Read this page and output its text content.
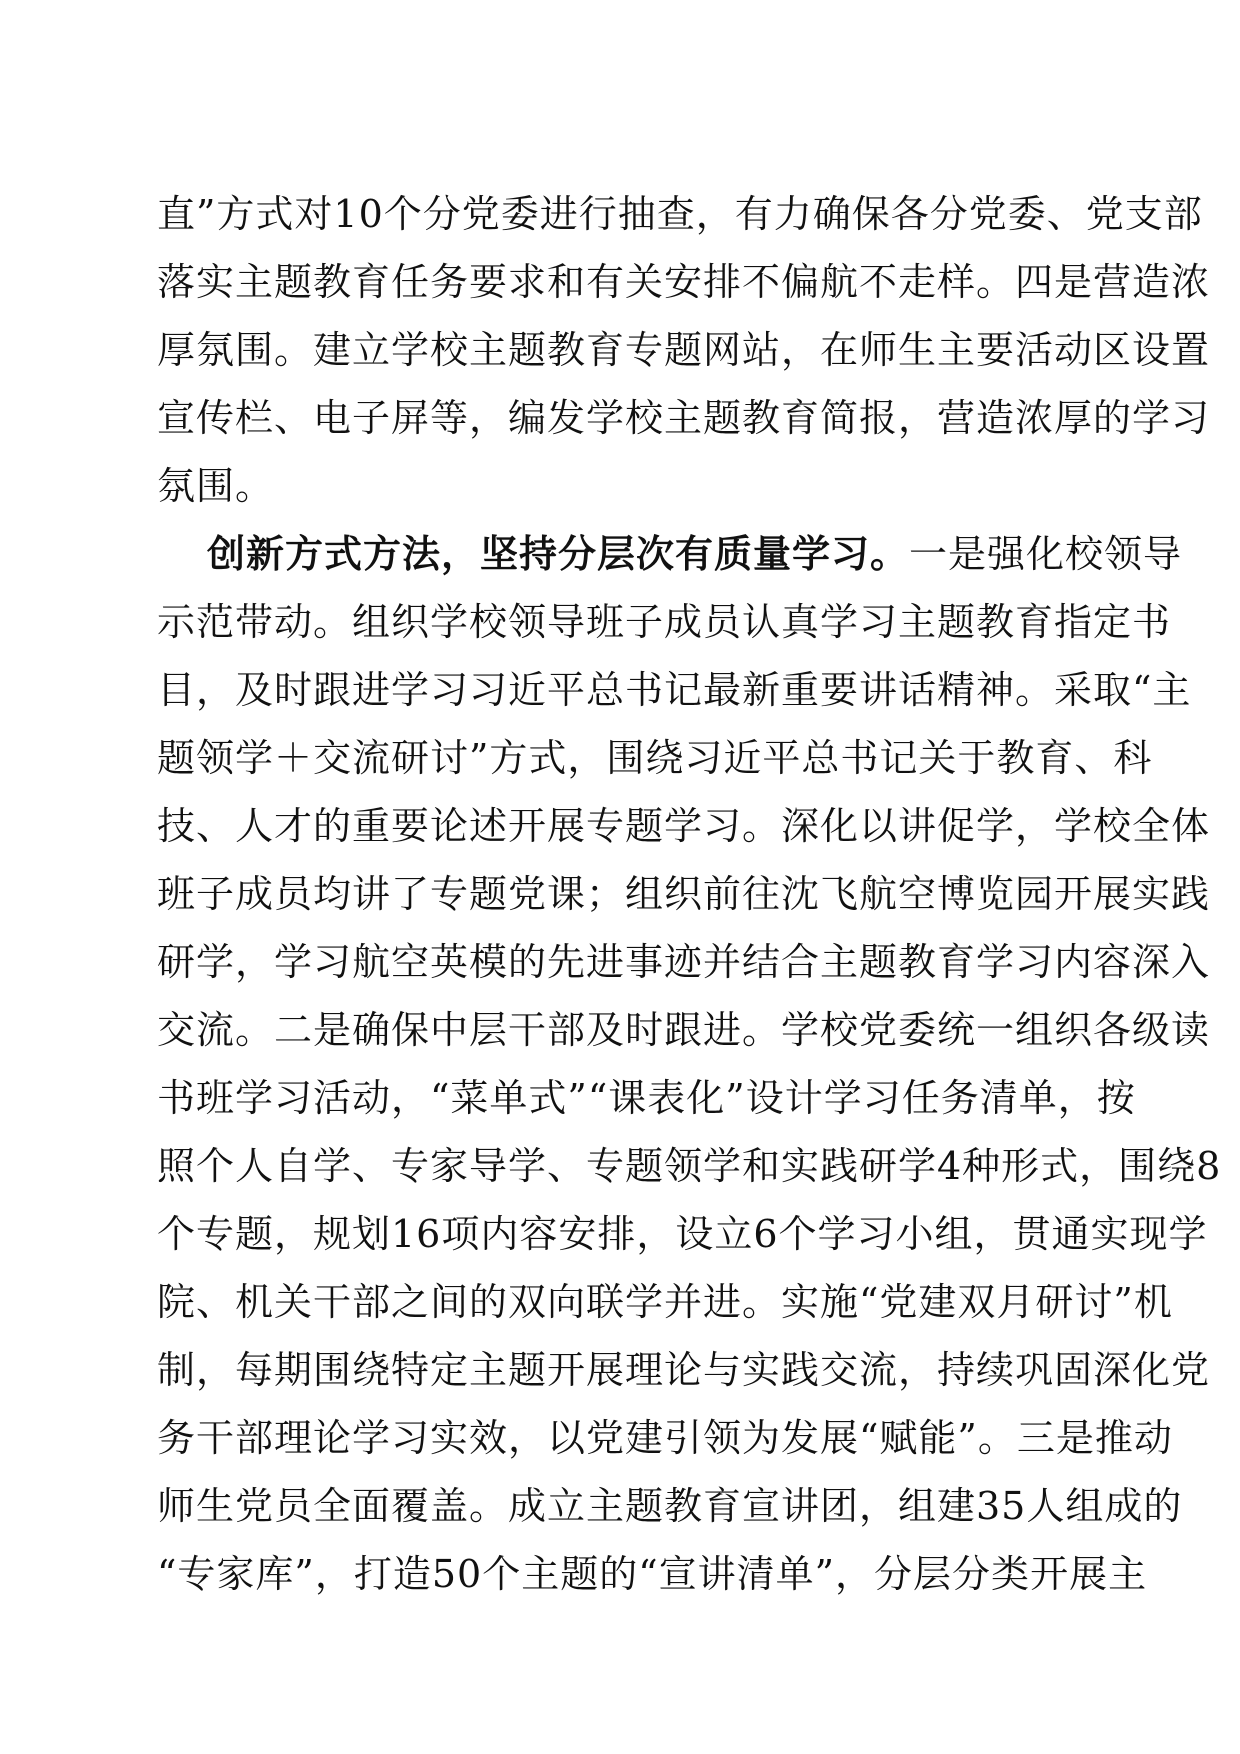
直”方式对10个分党委进行抽查，有力确保各分党委、党支部
落实主题教育任务要求和有关安排不偏航不走样。四是营造浓
厚氛围。建立学校主题教育专题网站，在师生主要活动区设置
宣传栏、电子屏等，编发学校主题教育简报，营造浓厚的学习
氛围。
创新方式方法，坚持分层次有质量学习。一是强化校领导
示范带动。组织学校领导班子成员认真学习主题教育指定书
目，及时跟进学习习近平总书记最新重要讲话精神。采取“主
题领学＋交流研讨”方式，围绕习近平总书记关于教育、科
技、人才的重要论述开展专题学习。深化以讲促学，学校全体
班子成员均讲了专题党课；组织前往沈飞航空博览园开展实践
研学，学习航空英模的先进事迹并结合主题教育学习内容深入
交流。二是确保中层干部及时跟进。学校党委统一组织各级读
书班学习活动，“菜单式”“课表化”设计学习任务清单，按
照个人自学、专家导学、专题领学和实践研学4种形式，围绕8
个专题，规划16项内容安排，设立6个学习小组，贯通实现学
院、机关干部之间的双向联学并进。实施“党建双月研讨”机
制，每期围绕特定主题开展理论与实践交流，持续巩固深化党
务干部理论学习实效，以党建引领为发展“赋能”。三是推动
师生党员全面覆盖。成立主题教育宣讲团，组建35人组成的
“专家库”，打造50个主题的“宣讲清单”，分层分类开展主
